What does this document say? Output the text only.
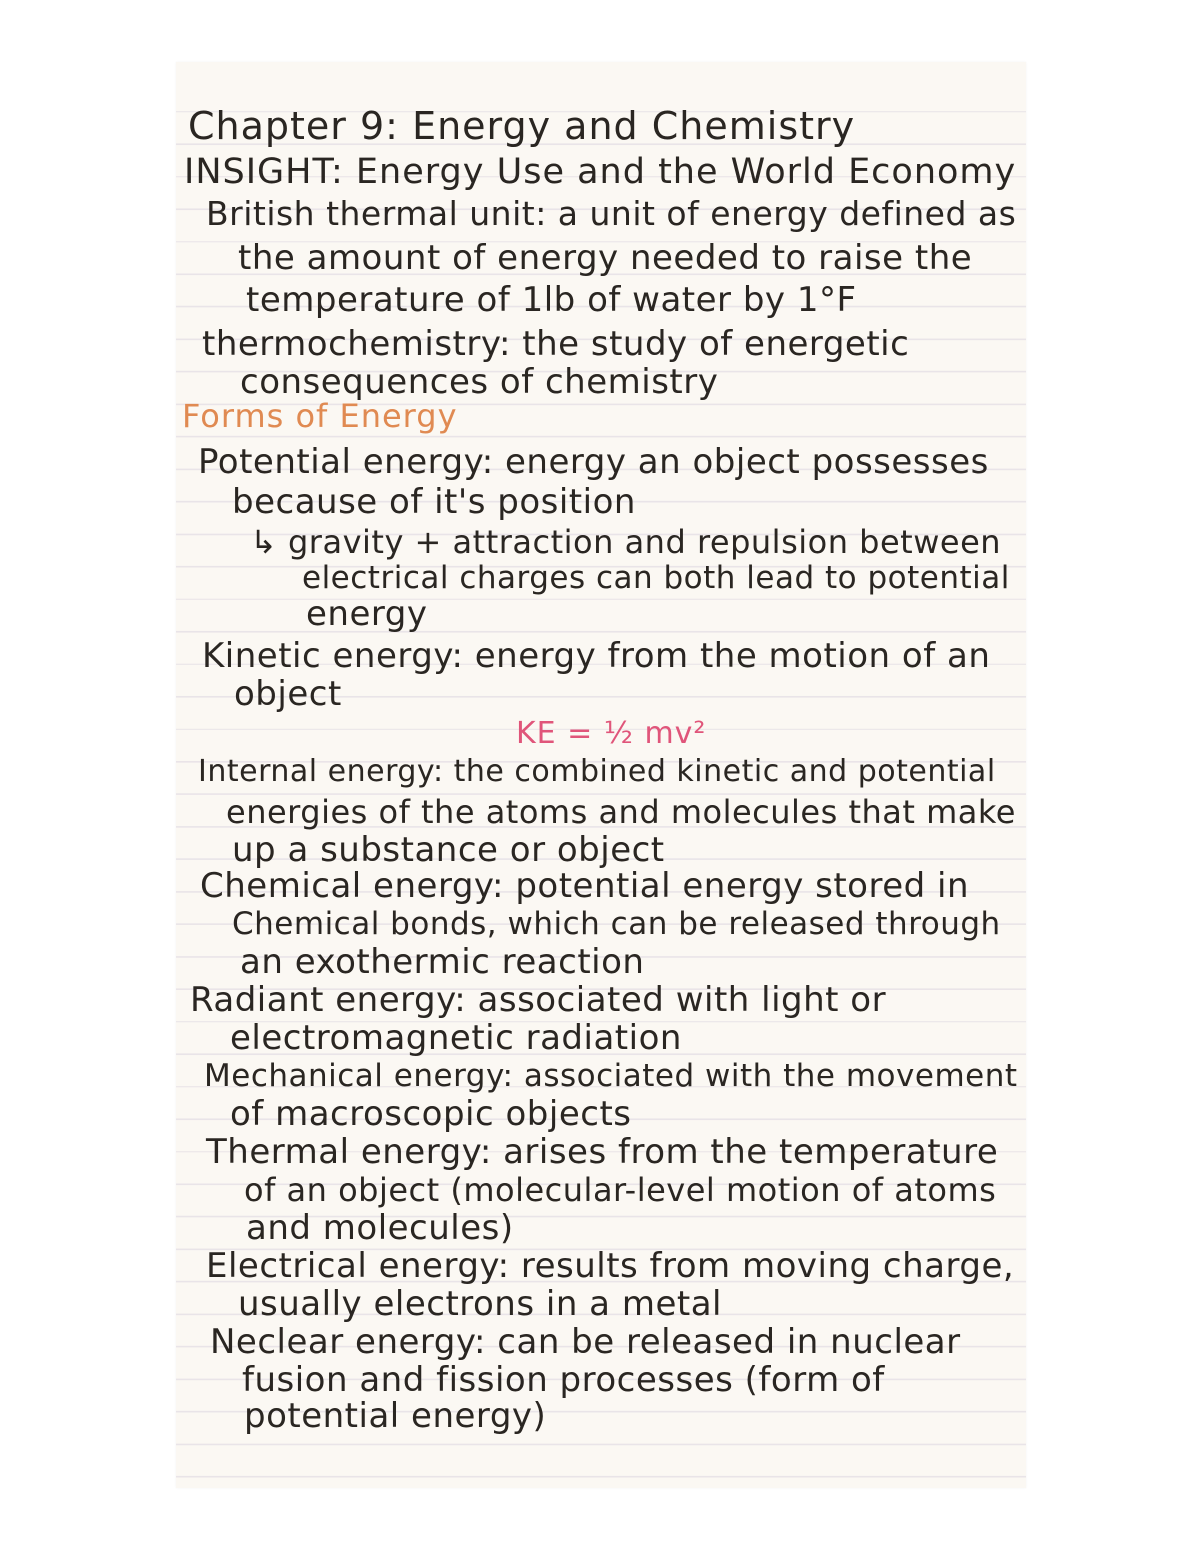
Chapter 9: Energy and Chemistry
INSIGHT: Energy Use and the World Economy
British thermal unit: a unit of energy defined as
the amount of energy needed to raise the
temperature of 1lb of water by 1°F
thermochemistry: the study of energetic
consequences of chemistry
Forms of Energy
Potential energy: energy an object possesses
because of it's position
↳ gravity + attraction and repulsion between
electrical charges can both lead to potential
energy
Kinetic energy: energy from the motion of an
object
KE = ½ mv²
Internal energy: the combined kinetic and potential
energies of the atoms and molecules that make
up a substance or object
Chemical energy: potential energy stored in
Chemical bonds, which can be released through
an exothermic reaction
Radiant energy: associated with light or
electromagnetic radiation
Mechanical energy: associated with the movement
of macroscopic objects
Thermal energy: arises from the temperature
of an object (molecular-level motion of atoms
and molecules)
Electrical energy: results from moving charge,
usually electrons in a metal
Neclear energy: can be released in nuclear
fusion and fission processes (form of
potential energy)
